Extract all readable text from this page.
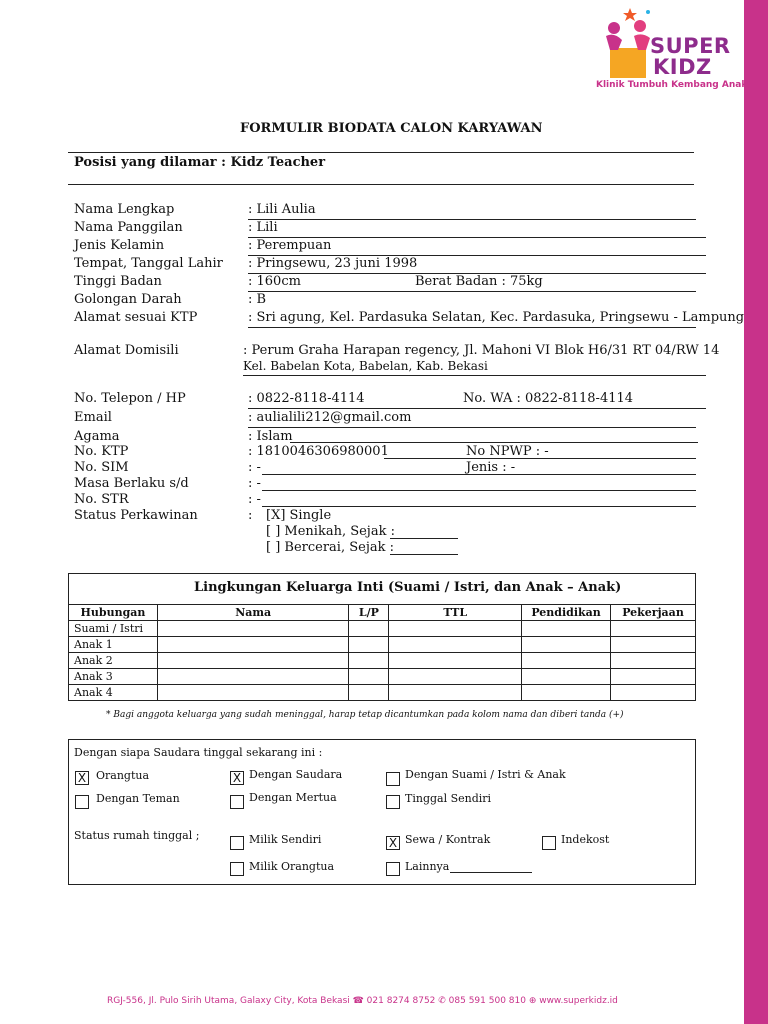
SUPER
KIDZ
Klinik Tumbuh Kembang Anak
FORMULIR BIODATA CALON KARYAWAN
Posisi yang dilamar : Kidz Teacher
Nama Lengkap	: Lili Aulia
Nama Panggilan	: Lili
Jenis Kelamin	: Perempuan
Tempat, Tanggal Lahir : Pringsewu, 23 juni 1998
Tinggi Badan	: 160cm	Berat Badan : 75kg
Golongan Darah	: B
Alamat sesuai KTP	: Sri agung, Kel. Pardasuka Selatan, Kec. Pardasuka, Pringsewu - Lampung
Alamat Domisili	: Perum Graha Harapan regency, Jl. Mahoni VI Blok H6/31 RT 04/RW 14
Kel. Babelan Kota, Babelan, Kab. Bekasi
No. Telepon / HP	: 0822-8118-4114	No. WA : 0822-8118-4114
Email	: aulialili212@gmail.com
Agama	: Islam
No. KTP	: 1810046306980001	No NPWP : -
No. SIM	: -	Jenis : -
Masa Berlaku s/d	: -
No. STR	: -
Status Perkawinan	: [X] Single
[ ] Menikah, Sejak :
[ ] Bercerai, Sejak :
Lingkungan Keluarga Inti (Suami / Istri, dan Anak – Anak)
Hubungan	Nama	L/P	TTL	Pendidikan	Pekerjaan
Suami / Istri					
Anak 1					
Anak 2					
Anak 3					
Anak 4					
* Bagi anggota keluarga yang sudah meninggal, harap tetap dicantumkan pada kolom nama dan diberi tanda (+)
Dengan siapa Saudara tinggal sekarang ini :
X Orangtua	X Dengan Saudara	Dengan Suami / Istri & Anak
Dengan Teman	Dengan Mertua	Tinggal Sendiri
Status rumah tinggal ;	Milik Sendiri	X Sewa / Kontrak	Indekost
Milik Orangtua	Lainnya
RGJ-556, Jl. Pulo Sirih Utama, Galaxy City, Kota Bekasi ☎ 021 8274 8752 ✆ 085 591 500 810 ⊕ www.superkidz.id
